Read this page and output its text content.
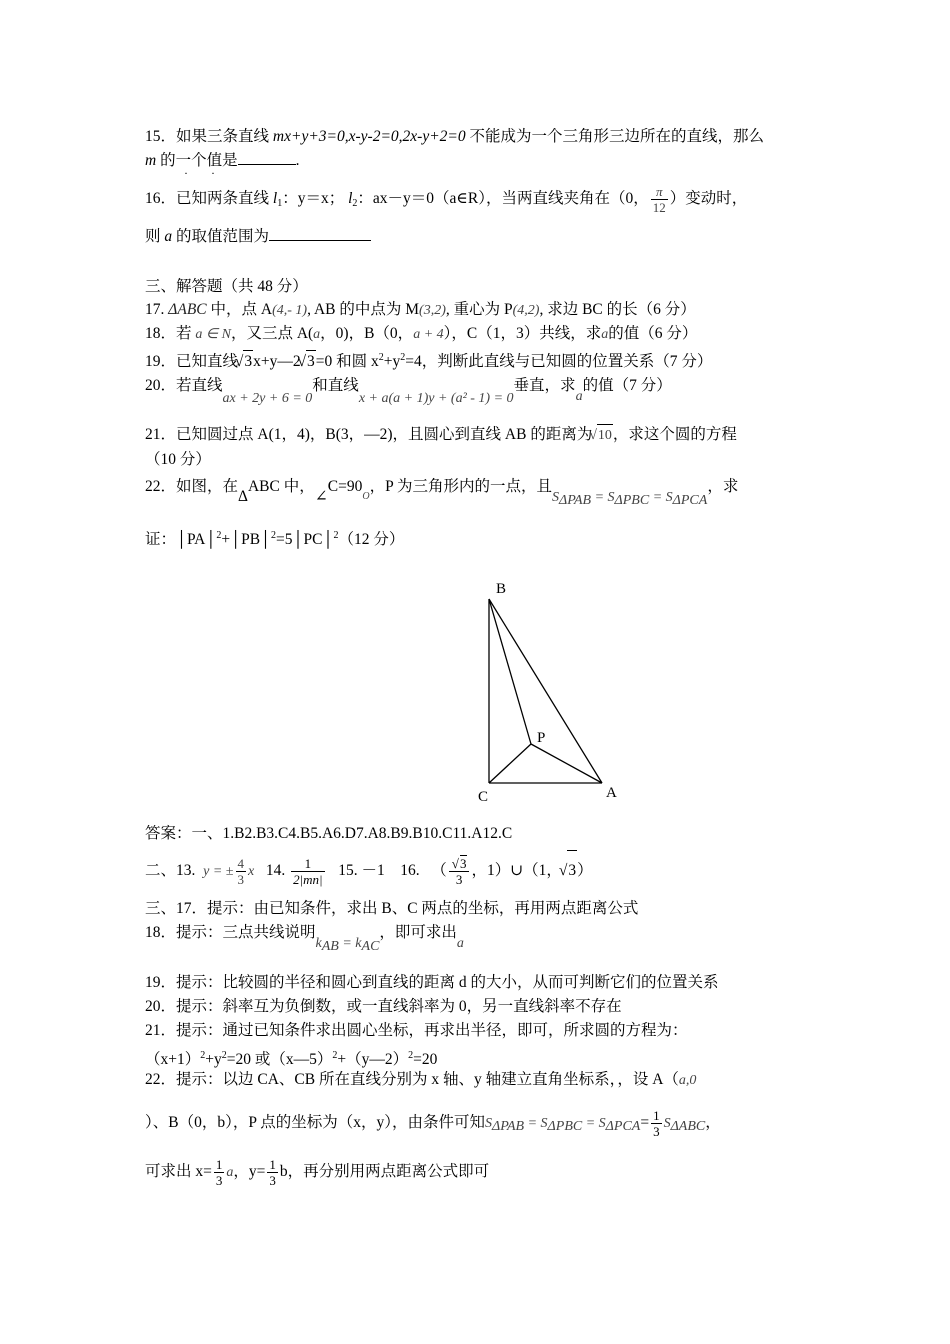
15．如果三条直线 mx+y+3=0,x-y-2=0,2x-y+2=0 不能成为一个三角形三边所在的直线，那么
m 的一个值是	.
· ·
16．已知两条直线 $l_1$：y＝x； $l_2$：ax－y＝0（a∈R），当两直线夹角在（0， $\frac{\pi}{12}$ ）变动时，
则 a 的取值范围为
三、解答题（共 48 分）
17. ΔABC 中，点 A(4,- 1), AB 的中点为 M(3,2), 重心为 P(4,2), 求边 BC 的长（6 分）
18．若 a ∈ N，又三点 A(a，0)，B（0，a + 4），C（1，3）共线，求a的值（6 分）
19．已知直线 √ 3x+y—2 √ 3=0 和圆 $x^2+y^2=4$，判断此直线与已知圆的位置关系（7 分）
20．若直线ax + 2y + 6 = 0和直线x + a(a + 1)y + (a² - 1) = 0垂直，求a的值（7 分）
21．已知圆过点 A(1，4)，B(3，—2)，且圆心到直线 AB 的距离为 √ 10，求这个圆的方程
（10 分）
22．如图，在ΔABC 中，$\angle C=90_O$，P 为三角形内的一点，且SΔPAB = SΔPBC = SΔPCA，求
证：│PA│$^2$+│PB│$^2$=5│PC│$^2$（12 分）
B
P
C	A
答案：一、1.B2.B3.C4.B5.A6.D7.A8.B9.B10.C11.A12.C
二、13. y = ± $\frac{4}{3}$ x 14. $\frac{1}{2|mn|} 15$. －1 16. （ √ $\frac{3}{3}$ ，1）∪（1， √ 3）
三、17．提示：由已知条件，求出 B、C 两点的坐标，再用两点距离公式
18．提示：三点共线说明kAB = kAC，即可求出a
19．提示：比较圆的半径和圆心到直线的距离 d 的大小，从而可判断它们的位置关系
20．提示：斜率互为负倒数，或一直线斜率为 0，另一直线斜率不存在
21．提示：通过已知条件求出圆心坐标，再求出半径，即可，所求圆的方程为：
$(x+1)^2+y^2=20$ 或（x—5）$^2$+（y—2）$^2$=20
22．提示：以边 CA、CB 所在直线分别为 x 轴、y 轴建立直角坐标系，，设 A（a,0
）、B（0，b），P 点的坐标为（x，y），由条件可知$S\Delta PAB = S\Delta PBC = S\Delta PCA= \frac{1}{3}$ SΔABC，
可求出 $x= \frac{1}{3}$ a，$y= \frac{1}{3}$ b，再分别用两点距离公式即可
